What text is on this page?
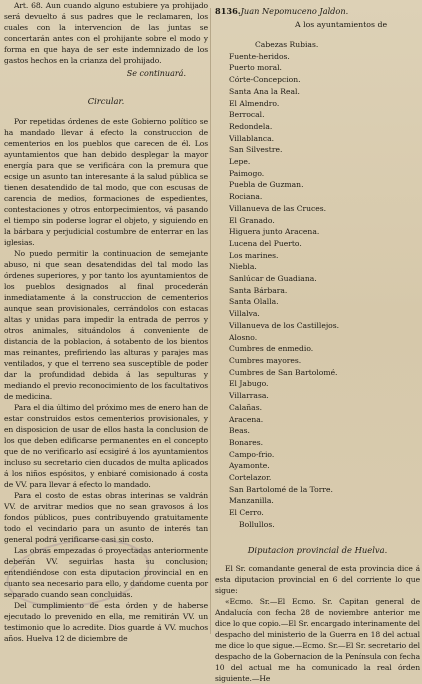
Art. 68. Aun cuando alguno estubiere ya prohijado será devuelto á sus padres que le reclamaren, los cuales con la intervencion de las juntas se concertarán antes con el prohijante sobre el modo y forma en que haya de ser este indemnizado de los gastos hechos en la crianza del prohijado.

Se continuará.

Circular.

Por repetidas órdenes de este Gobierno político se ha mandado llevar á efecto la construccion de cementerios en los pueblos que carecen de él. Los ayuntamientos que han debido desplegar la mayor energía para que se verificára con la premura que ecsige un asunto tan interesante á la salud pública se tienen desatendido de tal modo, que con escusas de carencia de medios, formaciones de espedientes, contestaciones y otros entorpecimientos, vá pasando el tiempo sin poderse lograr el objeto, y siguiendo en la bárbara y perjudicial costumbre de enterrar en las iglesias.

No puedo permitir la continuacion de semejante abuso, ni que sean desatendidas del tal modo las órdenes superiores, y por tanto los ayuntamientos de los pueblos designados al final procederán inmediatamente á la construccion de cementerios aunque sean provisionales, cerrándolos con estacas altas y unidas para impedir la entrada de perros y otros animales, situándolos á conveniente de distancia de la poblacion, á sotabento de los bientos mas reinantes, prefiriendo las alturas y parajes mas ventilados, y que el terreno sea susceptible de poder dar la profundidad debida á las sepulturas y mediando el previo reconocimiento de los facultativos de medicina.

Para el dia último del próximo mes de enero han de estar construidos estos cementerios provisionales, y en disposicion de usar de ellos hasta la conclusion de los que deben edificarse permanentes en el concepto que de no verificarlo así ecsigiré á los ayuntamientos incluso su secretario cien ducados de multa aplicados á los niños espósitos, y enbiaré comisionado á costa de VV. para llevar á efecto lo mandado.

Para el costo de estas obras interinas se valdrán VV. de arvitrar medios que no sean gravosos á los fondos públicos, pues contribuyendo gratuitamente todo el vecindario para un asunto de interés tan general podrá verificarse casi sin costo.

Las obras empezadas ó proyectadas anteriormente deberán VV. seguirlas hasta su conclusion; entendiéndose con esta diputacion provincial en en cuanto sea necesario para ello, y dandome cuenta por separado cuando sean concluidas.

Del cumplimiento de esta órden y de haberse ejecutado lo prevenido en ella, me remitirán VV. un testimonio que lo acredite. Dios guarde á VV. muchos años. Huelva 12 de diciembre de

8136.Juan Nepomuceno Jaldon.

A los ayuntamientos de

Cabezas Rubias.
Fuente-heridos.
Puerto moral.
Córte-Concepcion.
Santa Ana la Real.
El Almendro.
Berrocal.
Redondela.
Villablanca.
San Silvestre.
Lepe.
Paimogo.
Puebla de Guzman.
Rociana.
Villanueva de las Cruces.
El Granado.
Higuera junto Aracena.
Lucena del Puerto.
Los marines.
Niebla.
Sanlúcar de Guadiana.
Santa Bárbara.
Santa Olalla.
Villalva.
Villanueva de los Castillejos.
Alosno.
Cumbres de enmedio.
Cumbres mayores.
Cumbres de San Bartolomé.
El Jabugo.
Villarrasa.
Calañas.
Aracena.
Beas.
Bonares.
Campo-frio.
Ayamonte.
Cortelazor.
San Bartolomé de la Torre.
Manzanilla.
El Cerro.
Bollullos.

Diputacion provincial de Huelva.

El Sr. comandante general de esta provincia dice á esta diputacion provincial en 6 del corriente lo que sigue:

«Ecmo. Sr.—El Ecmo. Sr. Capitan general de Andalucía con fecha 28 de noviembre anterior me dice lo que copio.—El Sr. encargado interinamente del despacho del ministerio de la Guerra en 18 del actual me dice lo que sigue.—Ecmo. Sr.—El Sr. secretario del despacho de la Gobernacion de la Península con fecha 10 del actual me ha comunicado la real órden siguiente.—He
